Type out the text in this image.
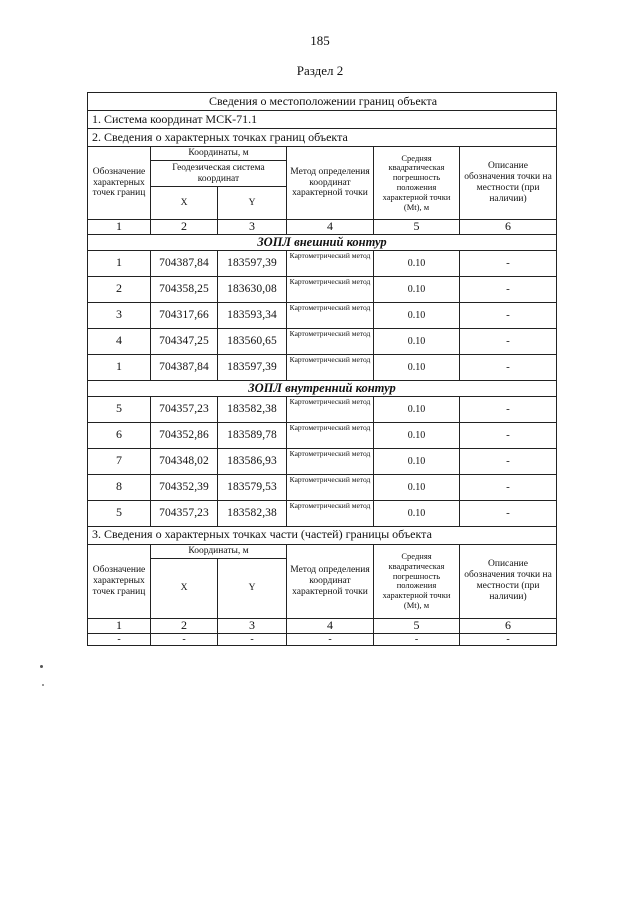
185
Раздел 2
Сведения о местоположении границ объекта					
1. Система координат МСК-71.1					
2. Сведения о характерных точках границ объекта					
Обозначение характерных точек границ	Координаты, м		Метод определения координат характерной точки	Средняя квадратическая погрешность положения характерной точки (Mt), м	Описание обозначения точки на местности (при наличии)
	Геодезическая система координат				
	X	Y			
1	2	3	4	5	6
ЗОПЛ внешний контур					
1	704387,84	183597,39	Картометрический метод	0.10	-
2	704358,25	183630,08	Картометрический метод	0.10	-
3	704317,66	183593,34	Картометрический метод	0.10	-
4	704347,25	183560,65	Картометрический метод	0.10	-
1	704387,84	183597,39	Картометрический метод	0.10	-
ЗОПЛ внутренний контур					
5	704357,23	183582,38	Картометрический метод	0.10	-
6	704352,86	183589,78	Картометрический метод	0.10	-
7	704348,02	183586,93	Картометрический метод	0.10	-
8	704352,39	183579,53	Картометрический метод	0.10	-
5	704357,23	183582,38	Картометрический метод	0.10	-
3. Сведения о характерных точках части (частей) границы объекта					
Обозначение характерных точек границ	Координаты, м		Метод определения координат характерной точки	Средняя квадратическая погрешность положения характерной точки (Mt), м	Описание обозначения точки на местности (при наличии)
	X	Y			
1	2	3	4	5	6
-	-	-	-	-	-
